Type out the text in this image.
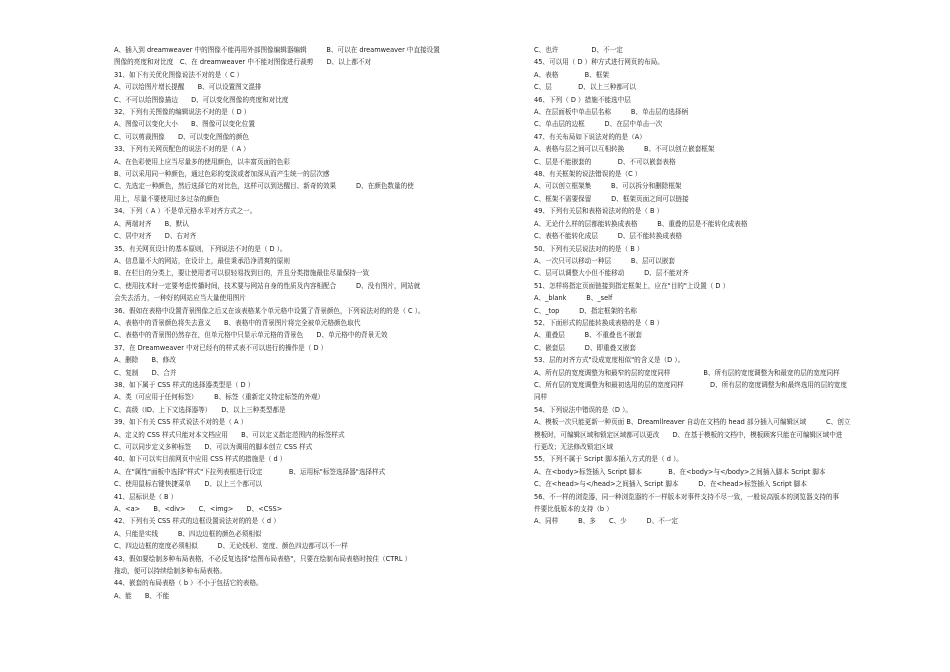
A、插入到 dreamweaver 中的图像不能再用外部图像编辑器编辑　　　B、可以在 dreamweaver 中直接设置
图像的亮度和对比度　C、在 dreamweaver 中不能对图像进行裁剪　　D、以上都不对
31、如下有关优化图像说法不对的是（ C ）
A、可以给图片增长提醒　　B、可以设置图文混排
C、不可以给图像描边　　D、可以变化图像的亮度和对比度
32、下列有关图像的编辑说法不对的是（ D ）
A、图像可以变化大小　　B、图像可以变化位置
C、可以剪裁图像　　D、可以变化图像的颜色
33、下列有关网页配色的说法不对的是（ A ）
A、在色彩使用上应当尽量多的使用颜色，以丰富页面的色彩
B、可以采用同一种颜色，通过色彩的变淡或者加深从而产生统一的层次感
C、先选定一种颜色，然后选择它的对比色，这样可以到达醒目、新奇的效果　　　D、在颜色数量的使
用上，尽量不要使用过多过杂的颜色
34、下列（ A ）不是单元格水平对齐方式之一。
A、两端对齐　　B、默认
C、居中对齐　　D、右对齐
35、有关网页设计的基本原则，下列说法不对的是（ D ）。
A、信息量不大的网站，在设计上，最佳秉承沿净清爽的原则
B、在栏目的分类上，要让使用者可以很轻易找到目的，并且分类措施最佳尽量保持一致
C、使用技术时一定要考虑传播时间，技术要与网站自身的性质及内容相配合　　　D、没有图片，网站就
会失去活力，一种好的网站应当大量使用图片
36、假如在表格中设置背景图像之后又在该表格某个单元格中设置了背景颜色，下列说法对的的是（ C ）。
A、表格中的背景颜色将失去意义　　B、表格中的背景图片将完全被单元格颜色取代
C、表格中的背景图仍然存在，但单元格中只显示单元格的背景色　　D、单元格中的背景无效
37、在 Dreamweaver 中对已经有的样式表不可以进行的操作是（ D ）
A、删除　　B、修改
C、复制　　D、合并
38、如下属于 CSS 样式的选择器类型是（ D ）
A、类（可应用于任何标签）　　　B、标签（重新定义特定标签的外观）
C、高级（ID、上下文选择器等）　　D、以上三种类型都是
39、如下有关 CSS 样式说法不对的是（ A ）
A、定义的 CSS 样式只能对本文档应用　　B、可以定义指定范围内的标签样式
C、可以同步定义多种标签　　D、可以为调用的脚本创立 CSS 样式
40、如下可以实目前网页中应用 CSS 样式的措施是（ d ）
A、在"属性"面板中选择"样式"下拉列表框进行设定　　　　B、运用标"标签选择器"选择样式
C、使用鼠标右键快捷菜单　　D、以上三个都可以
41、层标识是（ B ）
A、<a>　　B、<div>　　C、<img>　　D、<CSS>
42、下列有关 CSS 样式的边框设置说法对的的是（ d ）
A、只能是实线　　　B、四边边框的颜色必须相似
C、四边边框的宽度必须相似　　　D、无论线形、宽度、颜色四边都可以不一样
43、假如要绘制多种布局表格，不必反复选择"绘图布局表格"，只要在绘制布局表格时按住（CTRL ）
拖动，便可以持续绘制多种布局表格。
44、嵌套的布局表格（ b ）不小于包括它的表格。
A、能　　B、不能
C、也许　　　　　D、不一定
45、可以用（ D ）种方式进行网页的布局。
A、表格　　　　B、框架
C、层　　　　D、以上三种都可以
46、下列（ D ）措施不能选中层
A、在层面板中单击层名称　　　B、单击层的选择柄
C、单击层的边框　　　D、在层中单击一次
47、有关布局如下说法对的的是（A）
A、表格与层之间可以互相转换　　　B、不可以创立嵌套框架
C、层是不能嵌套的　　　　D、不可以嵌套表格
48、有关框架的说法错误的是（C ）
A、可以创立框架集　　　B、可以拆分和删除框架
C、框架不需要保留　　　D、框架页面之间可以链接
49、下列有关层和表格说法对的的是（ B ）
A、无论什么样的层都能转换成表格　　　B、重叠的层是不能转化成表格
C、表格不能转化成层　　　D、层不能转换成表格
50、下列有关层说法对的的是（ B ）
A、一次只可以移动一种层　　　B、层可以嵌套
C、层可以调整大小但不能移动　　　D、层不能对齐
51、怎样将指定页面链接到指定框架上，应在"目的"上设置（ D ）
A、_blank　　　B、_self
C、_top　　　D、指定框架的名称
52、下面形式的层能转换成表格的是（ B ）
A、重叠层　　　B、不重叠也不嵌套
C、嵌套层　　　D、即重叠又嵌套
53、层的对齐方式"设成宽度相似"的含义是（D ）。
A、所有层的宽度调整为和最窄的层的宽度同样　　　　　B、所有层的宽度调整为和最宽的层的宽度同样
C、所有层的宽度调整为和最初选用的层的宽度同样　　　　D、所有层的宽度调整为和最终选用的层的宽度
同样
54、下列说法中错误的是（D ）。
A、模板一次只能更新一种页面 B、Dreamllreaver 自动在文档的 head 部分插入可编辑区域　　　C、创立
模板时，可编辑区域和锁定区域都可以更改　　D、在基于模板的文档中，模板顾客只能在可编辑区域中进
行更改；无法修改锁定区域
55、下列不属于 Script 脚本插入方式的是（ d ）。
A、在<body>标签插入 Script 脚本　　　　B、在<body>与</body>之间插入脚本 Script 脚本
C、在<head>与</head>之间插入 Script 脚本　　　D、在<head>标签插入 Script 脚本
56、不一样的浏览器，同一种浏览器的不一样版本对事件支持不尽一致，一般说高版本的浏览器支持的事
件要比低版本的支持（b ）
A、同样　　　B、多　　C、少　　　D、不一定
